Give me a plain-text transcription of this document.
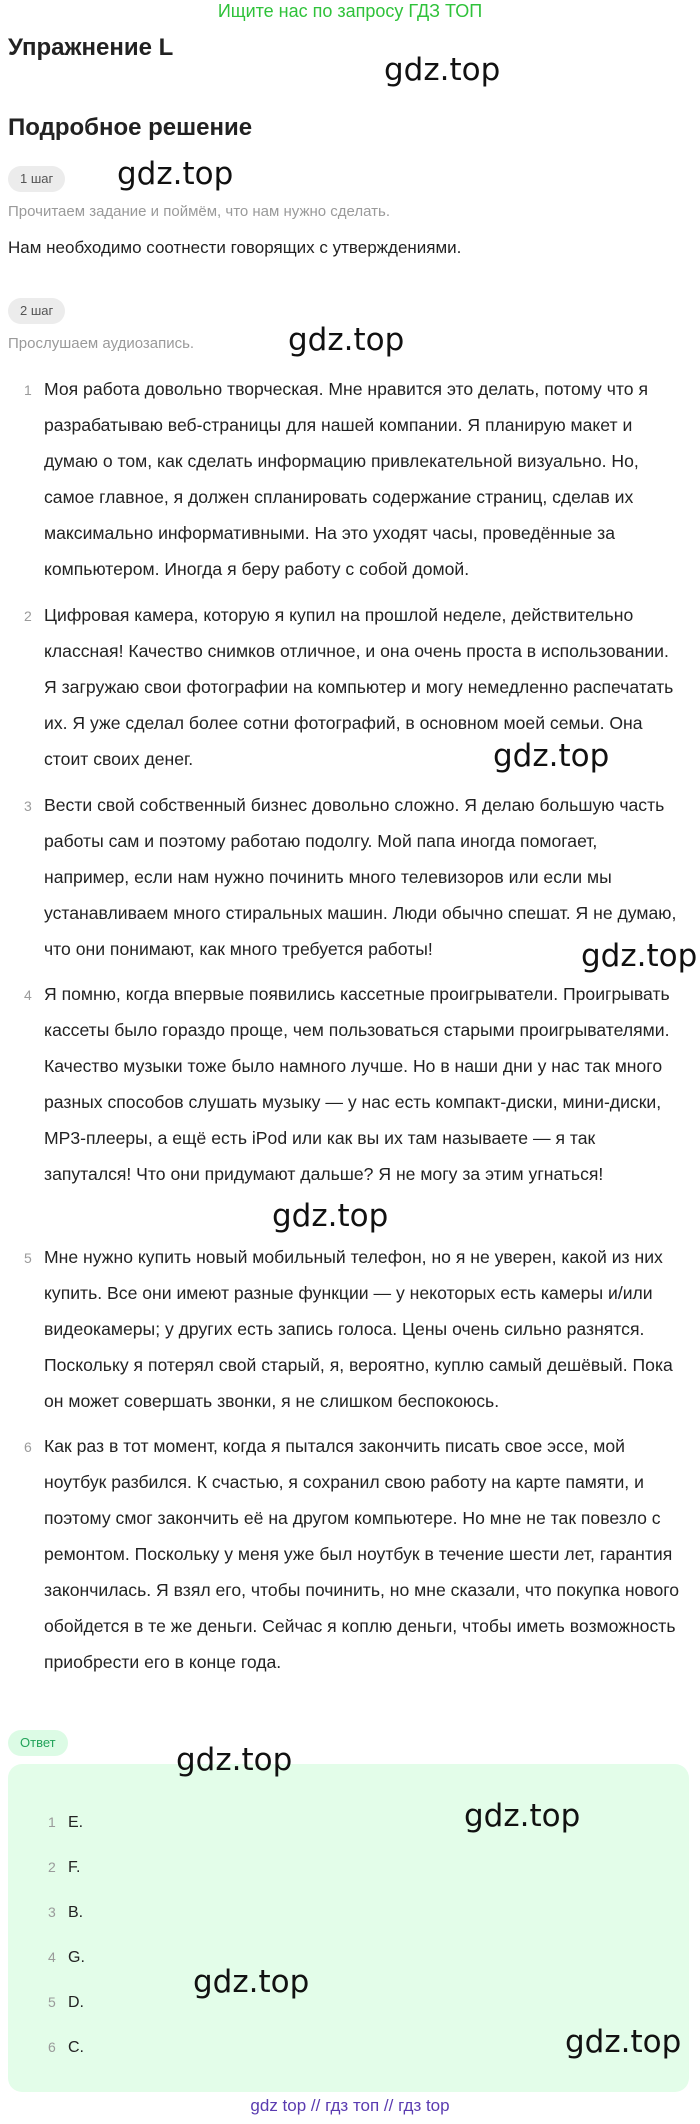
Ищите нас по запросу ГДЗ ТОП
Упражнение L
gdz.top
Подробное решение
1 шаг	gdz.top
Прочитаем задание и поймём, что нам нужно сделать.
Нам необходимо соотнести говорящих с утверждениями.
2 шаг
Прослушаем аудиозапись.	gdz.top
1 Моя работа довольно творческая. Мне нравится это делать, потому что я разрабатываю веб-страницы для нашей компании. Я планирую макет и думаю о том, как сделать информацию привлекательной визуально. Но, самое главное, я должен спланировать содержание страниц, сделав их максимально информативными. На это уходят часы, проведённые за компьютером. Иногда я беру работу с собой домой.
2 Цифровая камера, которую я купил на прошлой неделе, действительно классная! Качество снимков отличное, и она очень проста в использовании. Я загружаю свои фотографии на компьютер и могу немедленно распечатать их. Я уже сделал более сотни фотографий, в основном моей семьи. Она стоит своих денег.	gdz.top
3 Вести свой собственный бизнес довольно сложно. Я делаю большую часть работы сам и поэтому работаю подолгу. Мой папа иногда помогает, например, если нам нужно починить много телевизоров или если мы устанавливаем много стиральных машин. Люди обычно спешат. Я не думаю, что они понимают, как много требуется работы!	gdz.top
4 Я помню, когда впервые появились кассетные проигрыватели. Проигрывать кассеты было гораздо проще, чем пользоваться старыми проигрывателями. Качество музыки тоже было намного лучше. Но в наши дни у нас так много разных способов слушать музыку — у нас есть компакт-диски, мини-диски, MP3-плееры, а ещё есть iPod или как вы их там называете — я так запутался! Что они придумают дальше? Я не могу за этим угнаться!
gdz.top
5 Мне нужно купить новый мобильный телефон, но я не уверен, какой из них купить. Все они имеют разные функции — у некоторых есть камеры и/или видеокамеры; у других есть запись голоса. Цены очень сильно разнятся. Поскольку я потерял свой старый, я, вероятно, куплю самый дешёвый. Пока он может совершать звонки, я не слишком беспокоюсь.
6 Как раз в тот момент, когда я пытался закончить писать свое эссе, мой ноутбук разбился. К счастью, я сохранил свою работу на карте памяти, и поэтому смог закончить её на другом компьютере. Но мне не так повезло с ремонтом. Поскольку у меня уже был ноутбук в течение шести лет, гарантия закончилась. Я взял его, чтобы починить, но мне сказали, что покупка нового обойдется в те же деньги. Сейчас я коплю деньги, чтобы иметь возможность приобрести его в конце года.
Ответ	gdz.top
gdz.top
1 E.
2 F.
3 B.
4 G.
5 D.
6 C.
gdz.top
gdz.top
gdz top // гдз топ // гдз top
